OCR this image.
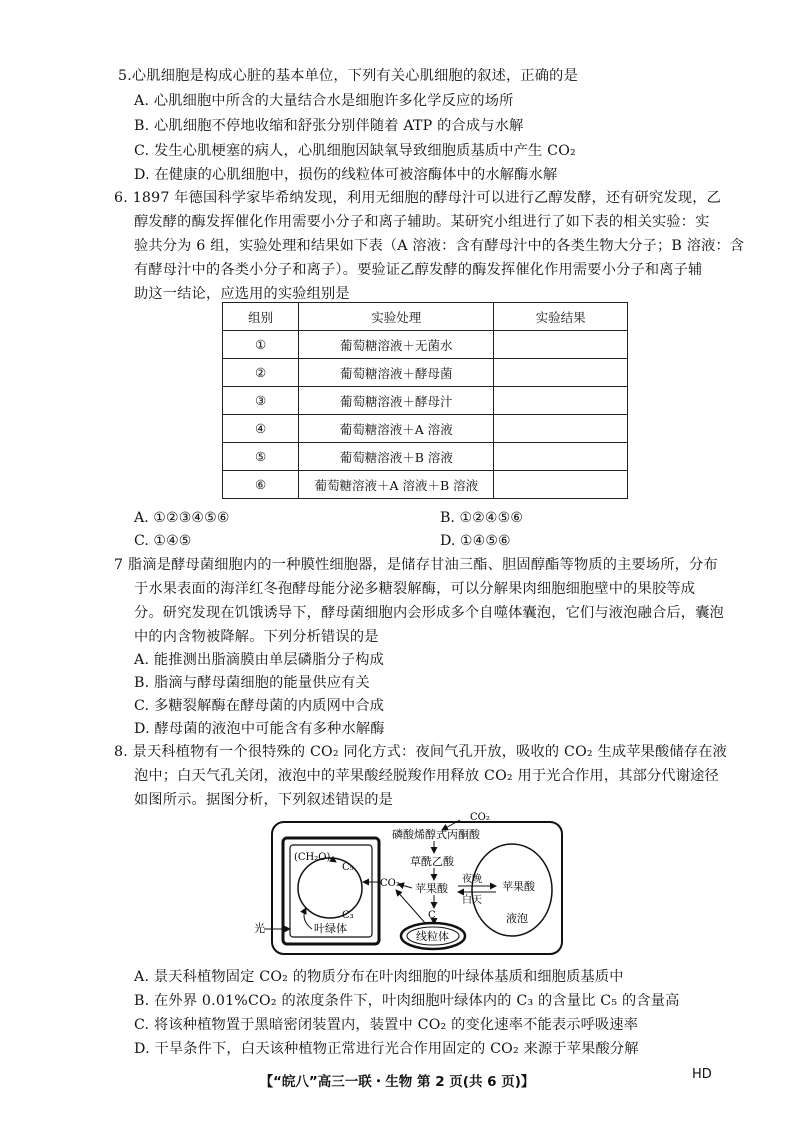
5.心肌细胞是构成心脏的基本单位，下列有关心肌细胞的叙述，正确的是
A. 心肌细胞中所含的大量结合水是细胞许多化学反应的场所
B. 心肌细胞不停地收缩和舒张分别伴随着 ATP 的合成与水解
C. 发生心肌梗塞的病人，心肌细胞因缺氧导致细胞质基质中产生 CO₂
D. 在健康的心肌细胞中，损伤的线粒体可被溶酶体中的水解酶水解
6. 1897 年德国科学家毕希纳发现，利用无细胞的酵母汁可以进行乙醇发酵，还有研究发现，乙
醇发酵的酶发挥催化作用需要小分子和离子辅助。某研究小组进行了如下表的相关实验：实
验共分为 6 组，实验处理和结果如下表（A 溶液：含有酵母汁中的各类生物大分子；B 溶液：含
有酵母汁中的各类小分子和离子）。要验证乙醇发酵的酶发挥催化作用需要小分子和离子辅
助这一结论，应选用的实验组别是
组别	实验处理	实验结果
①	葡萄糖溶液＋无菌水	
②	葡萄糖溶液＋酵母菌	
③	葡萄糖溶液＋酵母汁	
④	葡萄糖溶液＋A 溶液	
⑤	葡萄糖溶液＋B 溶液	
⑥	葡萄糖溶液＋A 溶液＋B 溶液	
A. ①②③④⑤⑥	B. ①②④⑤⑥
C. ①④⑤	D. ①④⑤⑥
7 脂滴是酵母菌细胞内的一种膜性细胞器，是储存甘油三酯、胆固醇酯等物质的主要场所，分布
于水果表面的海洋红冬孢酵母能分泌多糖裂解酶，可以分解果肉细胞细胞壁中的果胶等成
分。研究发现在饥饿诱导下，酵母菌细胞内会形成多个自噬体囊泡，它们与液泡融合后，囊泡
中的内含物被降解。下列分析错误的是
A. 能推测出脂滴膜由单层磷脂分子构成
B. 脂滴与酵母菌细胞的能量供应有关
C. 多糖裂解酶在酵母菌的内质网中合成
D. 酵母菌的液泡中可能含有多种水解酶
8. 景天科植物有一个很特殊的 CO₂ 同化方式：夜间气孔开放，吸收的 CO₂ 生成苹果酸储存在液
泡中；白天气孔关闭，液泡中的苹果酸经脱羧作用释放 CO₂ 用于光合作用，其部分代谢途径
如图所示。据图分析，下列叙述错误的是
CO₂
磷酸烯醇式丙酮酸
草酰乙酸
苹果酸	苹果酸
夜晚
白天
液泡
(CH₂O)
C₅
C₃
CO₂
光	叶绿体
C
线粒体
A. 景天科植物固定 CO₂ 的物质分布在叶肉细胞的叶绿体基质和细胞质基质中
B. 在外界 0.01%CO₂ 的浓度条件下，叶肉细胞叶绿体内的 C₃ 的含量比 C₅ 的含量高
C. 将该种植物置于黑暗密闭装置内，装置中 CO₂ 的变化速率不能表示呼吸速率
D. 干旱条件下，白天该种植物正常进行光合作用固定的 CO₂ 来源于苹果酸分解
【“皖八”高三一联・生物 第 2 页(共 6 页)】	HD
